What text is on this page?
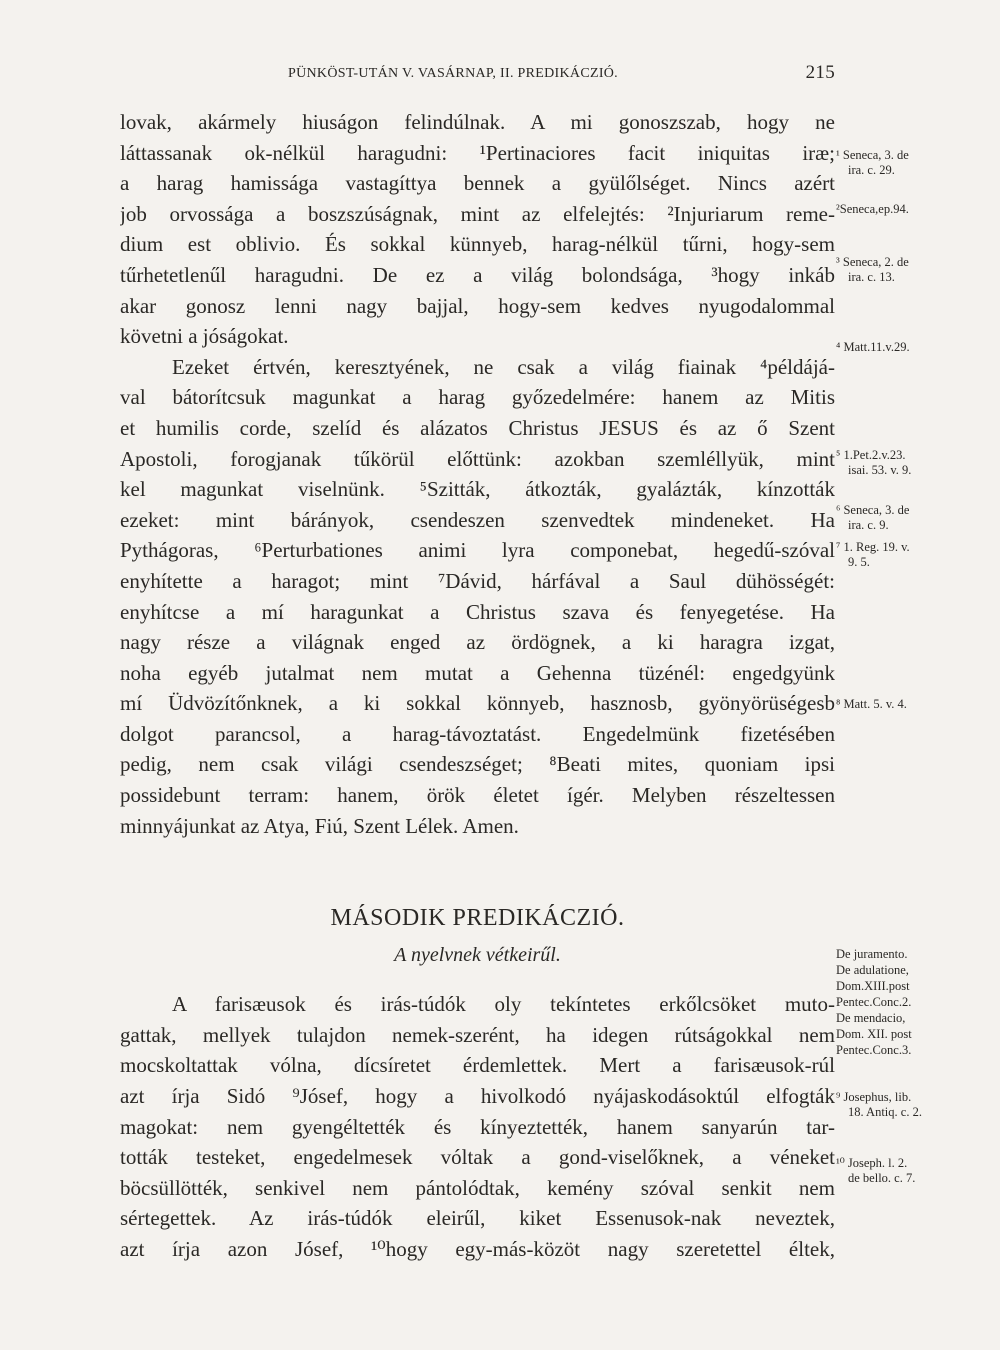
PÜNKÖST-UTÁN V. VASÁRNAP, II. PREDIKÁCZIÓ.	215
lovak, akármely hiuságon felindúlnak. A mi gonoszszab, hogy ne
láttassanak ok-nélkül haragudni: ¹Pertinaciores facit iniquitas iræ;
a harag hamissága vastagíttya bennek a gyülőlséget. Nincs azért
job orvossága a boszszúságnak, mint az elfelejtés: ²Injuriarum reme-
dium est oblivio. És sokkal künnyeb, harag-nélkül tűrni, hogy-sem
tűrhetetlenűl haragudni. De ez a világ bolondsága, ³hogy inkáb
akar gonosz lenni nagy bajjal, hogy-sem kedves nyugodalommal
követni a jóságokat.
Ezeket értvén, keresztyének, ne csak a világ fiainak ⁴példájá-
val bátorítcsuk magunkat a harag győzedelmére: hanem az Mitis
et humilis corde, szelíd és alázatos Christus JESUS és az ő Szent
Apostoli, forogjanak tűkörül előttünk: azokban szemléllyük, mint
kel magunkat viselnünk. ⁵Szitták, átkozták, gyalázták, kínzották
ezeket: mint bárányok, csendeszen szenvedtek mindeneket. Ha
Pythágoras, ⁶Perturbationes animi lyra componebat, hegedű-szóval
enyhítette a haragot; mint ⁷Dávid, hárfával a Saul dühösségét:
enyhítcse a mí haragunkat a Christus szava és fenyegetése. Ha
nagy része a világnak enged az ördögnek, a ki haragra izgat,
noha egyéb jutalmat nem mutat a Gehenna tüzénél: engedgyünk
mí Üdvözítőnknek, a ki sokkal könnyeb, hasznosb, gyönyörüségesb
dolgot parancsol, a harag-távoztatást. Engedelmünk fizetésében
pedig, nem csak világi csendeszséget; ⁸Beati mites, quoniam ipsi
possidebunt terram: hanem, örök életet ígér. Melyben részeltessen
minnyájunkat az Atya, Fiú, Szent Lélek. Amen.
MÁSODIK PREDIKÁCZIÓ.
A nyelvnek vétkeirűl.
A farisæusok és irás-túdók oly tekíntetes erkőlcsöket muto-
gattak, mellyek tulajdon nemek-szerént, ha idegen rútságokkal nem
mocskoltattak vólna, dícsíretet érdemlettek. Mert a farisæusok-rúl
azt írja Sidó ⁹Jósef, hogy a hivolkodó nyájaskodásoktúl elfogták
magokat: nem gyengéltették és kínyeztették, hanem sanyarún tar-
tották testeket, engedelmesek vóltak a gond-viselőknek, a véneket
böcsüllötték, senkivel nem pántolódtak, kemény szóval senkit nem
sértegettek. Az irás-túdók eleirűl, kiket Essenusok-nak neveztek,
azt írja azon Jósef, ¹⁰hogy egy-más-közöt nagy szeretettel éltek,
¹ Seneca, 3. de
ira. c. 29.
²Seneca,ep.94.
³ Seneca, 2. de
ira. c. 13.
⁴ Matt.11.v.29.
⁵ 1.Pet.2.v.23.
isai. 53. v. 9.
⁶ Seneca, 3. de
ira. c. 9.
⁷ 1. Reg. 19. v.
9. 5.
⁸ Matt. 5. v. 4.
De juramento.
De adulatione,
Dom.XIII.post
Pentec.Conc.2.
De mendacio,
Dom. XII. post
Pentec.Conc.3.
⁹ Josephus, lib.
18. Antiq. c. 2.
¹⁰ Joseph. l. 2.
de bello. c. 7.
